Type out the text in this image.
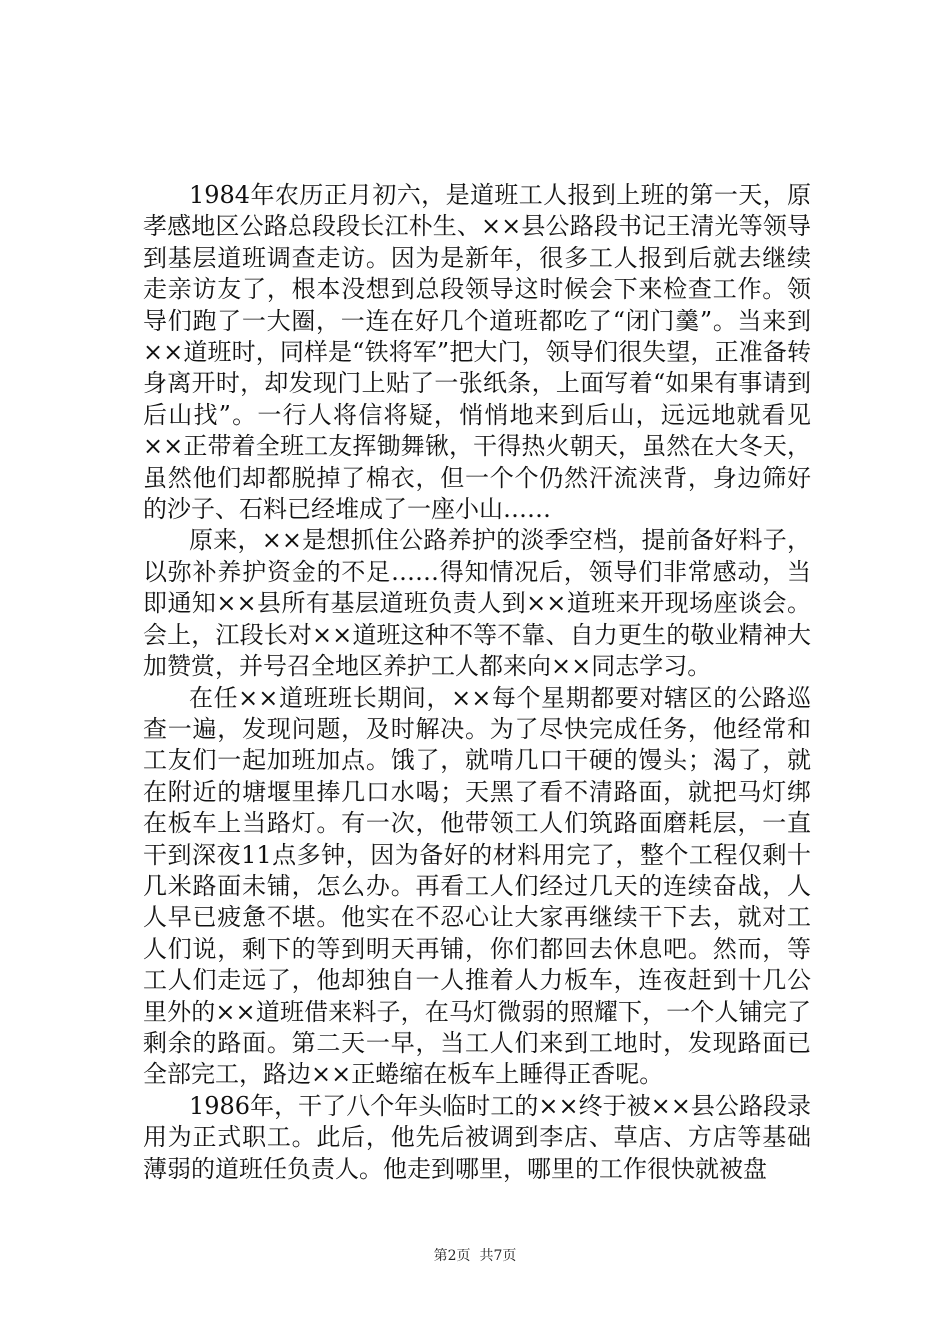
1984年农历正月初六，是道班工人报到上班的第一天，原孝感地区公路总段段长江朴生、××县公路段书记王清光等领导到基层道班调查走访。因为是新年，很多工人报到后就去继续走亲访友了，根本没想到总段领导这时候会下来检查工作。领导们跑了一大圈，一连在好几个道班都吃了“闭门羹”。当来到××道班时，同样是“铁将军”把大门，领导们很失望，正准备转身离开时，却发现门上贴了一张纸条，上面写着“如果有事请到后山找”。一行人将信将疑，悄悄地来到后山，远远地就看见××正带着全班工友挥锄舞锹，干得热火朝天，虽然在大冬天，虽然他们却都脱掉了棉衣，但一个个仍然汗流浃背，身边筛好的沙子、石料已经堆成了一座小山……

原来，××是想抓住公路养护的淡季空档，提前备好料子，以弥补养护资金的不足……得知情况后，领导们非常感动，当即通知××县所有基层道班负责人到××道班来开现场座谈会。会上，江段长对××道班这种不等不靠、自力更生的敬业精神大加赞赏，并号召全地区养护工人都来向××同志学习。

在任××道班班长期间，××每个星期都要对辖区的公路巡查一遍，发现问题，及时解决。为了尽快完成任务，他经常和工友们一起加班加点。饿了，就啃几口干硬的馒头；渴了，就在附近的塘堰里捧几口水喝；天黑了看不清路面，就把马灯绑在板车上当路灯。有一次，他带领工人们筑路面磨耗层，一直干到深夜11点多钟，因为备好的材料用完了，整个工程仅剩十几米路面未铺，怎么办。再看工人们经过几天的连续奋战，人人早已疲惫不堪。他实在不忍心让大家再继续干下去，就对工人们说，剩下的等到明天再铺，你们都回去休息吧。然而，等工人们走远了，他却独自一人推着人力板车，连夜赶到十几公里外的××道班借来料子，在马灯微弱的照耀下，一个人铺完了剩余的路面。第二天一早，当工人们来到工地时，发现路面已全部完工，路边××正蜷缩在板车上睡得正香呢。

1986年，干了八个年头临时工的××终于被××县公路段录用为正式职工。此后，他先后被调到李店、草店、方店等基础薄弱的道班任负责人。他走到哪里，哪里的工作很快就被盘

第2页  共7页
